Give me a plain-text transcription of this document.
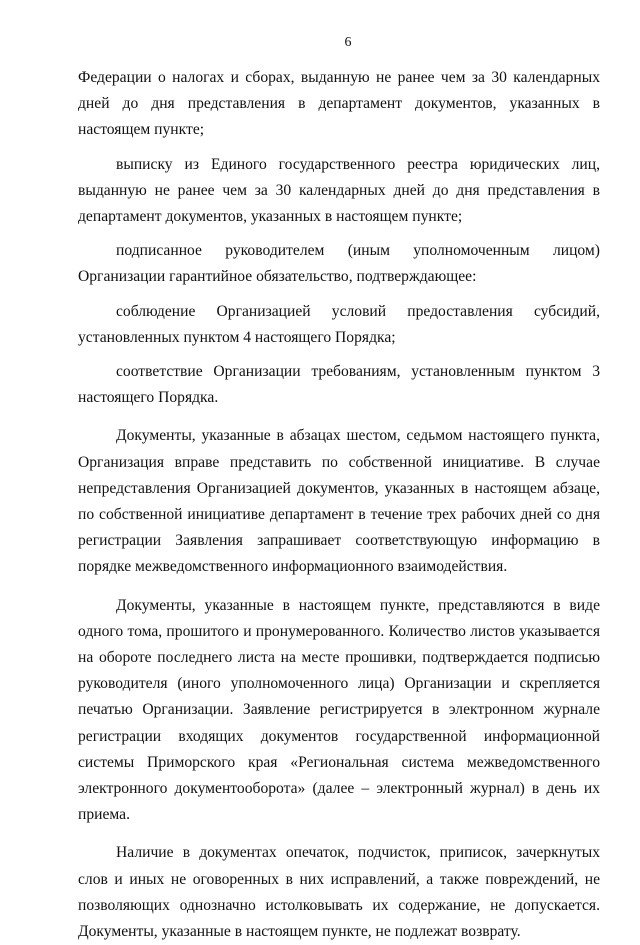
6

Федерации о налогах и сборах, выданную не ранее чем за 30 календарных дней до дня представления в департамент документов, указанных в настоящем пункте;

выписку из Единого государственного реестра юридических лиц, выданную не ранее чем за 30 календарных дней до дня представления в департамент документов, указанных в настоящем пункте;

подписанное руководителем (иным уполномоченным лицом) Организации гарантийное обязательство, подтверждающее:

соблюдение Организацией условий предоставления субсидий, установленных пунктом 4 настоящего Порядка;

соответствие Организации требованиям, установленным пунктом 3 настоящего Порядка.

Документы, указанные в абзацах шестом, седьмом настоящего пункта, Организация вправе представить по собственной инициативе. В случае непредставления Организацией документов, указанных в настоящем абзаце, по собственной инициативе департамент в течение трех рабочих дней со дня регистрации Заявления запрашивает соответствующую информацию в порядке межведомственного информационного взаимодействия.

Документы, указанные в настоящем пункте, представляются в виде одного тома, прошитого и пронумерованного. Количество листов указывается на обороте последнего листа на месте прошивки, подтверждается подписью руководителя (иного уполномоченного лица) Организации и скрепляется печатью Организации. Заявление регистрируется в электронном журнале регистрации входящих документов государственной информационной системы Приморского края «Региональная система межведомственного электронного документооборота» (далее – электронный журнал) в день их приема.

Наличие в документах опечаток, подчисток, приписок, зачеркнутых слов и иных не оговоренных в них исправлений, а также повреждений, не позволяющих однозначно истолковывать их содержание, не допускается. Документы, указанные в настоящем пункте, не подлежат возврату.
